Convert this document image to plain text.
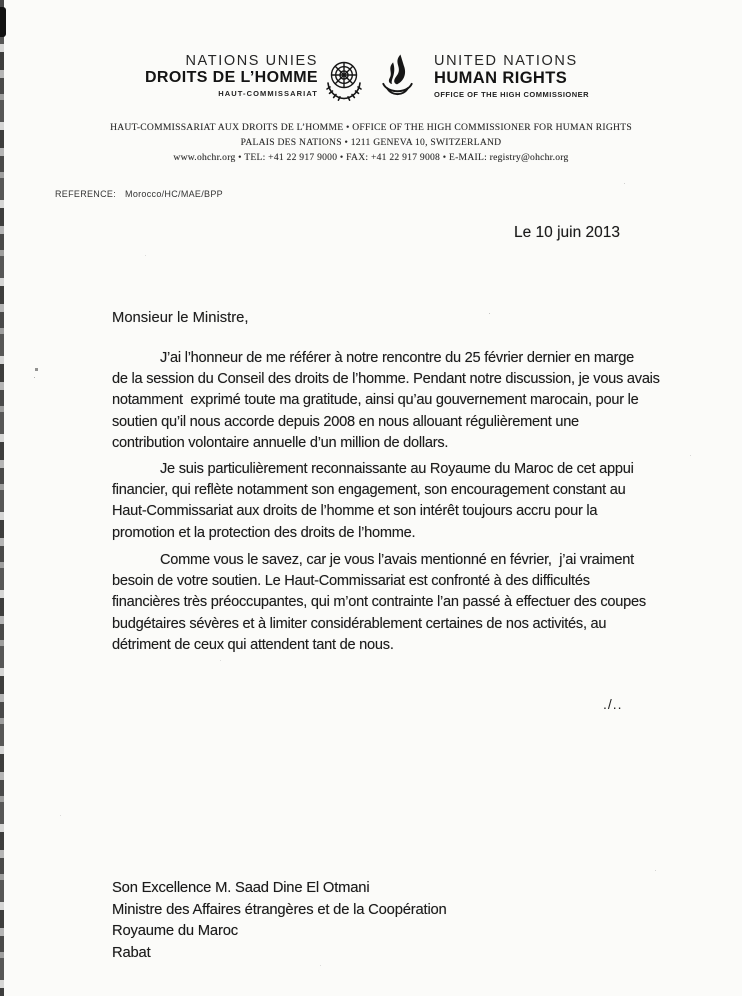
NATIONS UNIES
DROITS DE L’HOMME
HAUT-COMMISSARIAT
UNITED NATIONS
HUMAN RIGHTS
OFFICE OF THE HIGH COMMISSIONER
HAUT-COMMISSARIAT AUX DROITS DE L’HOMME • OFFICE OF THE HIGH COMMISSIONER FOR HUMAN RIGHTS
PALAIS DES NATIONS • 1211 GENEVA 10, SWITZERLAND
www.ohchr.org • TEL: +41 22 917 9000 • FAX: +41 22 917 9008 • E-MAIL: registry@ohchr.org
REFERENCE: Morocco/HC/MAE/BPP
Le 10 juin 2013
Monsieur le Ministre,
J’ai l’honneur de me référer à notre rencontre du 25 février dernier en marge
de la session du Conseil des droits de l’homme. Pendant notre discussion, je vous avais
notamment  exprimé toute ma gratitude, ainsi qu’au gouvernement marocain, pour le
soutien qu’il nous accorde depuis 2008 en nous allouant régulièrement une
contribution volontaire annuelle d’un million de dollars.
Je suis particulièrement reconnaissante au Royaume du Maroc de cet appui
financier, qui reflète notamment son engagement, son encouragement constant au
Haut-Commissariat aux droits de l’homme et son intérêt toujours accru pour la
promotion et la protection des droits de l’homme.
Comme vous le savez, car je vous l’avais mentionné en février,  j’ai vraiment
besoin de votre soutien. Le Haut-Commissariat est confronté à des difficultés
financières très préoccupantes, qui m’ont contrainte l’an passé à effectuer des coupes
budgétaires sévères et à limiter considérablement certaines de nos activités, au
détriment de ceux qui attendent tant de nous.
./..
Son Excellence M. Saad Dine El Otmani
Ministre des Affaires étrangères et de la Coopération
Royaume du Maroc
Rabat
